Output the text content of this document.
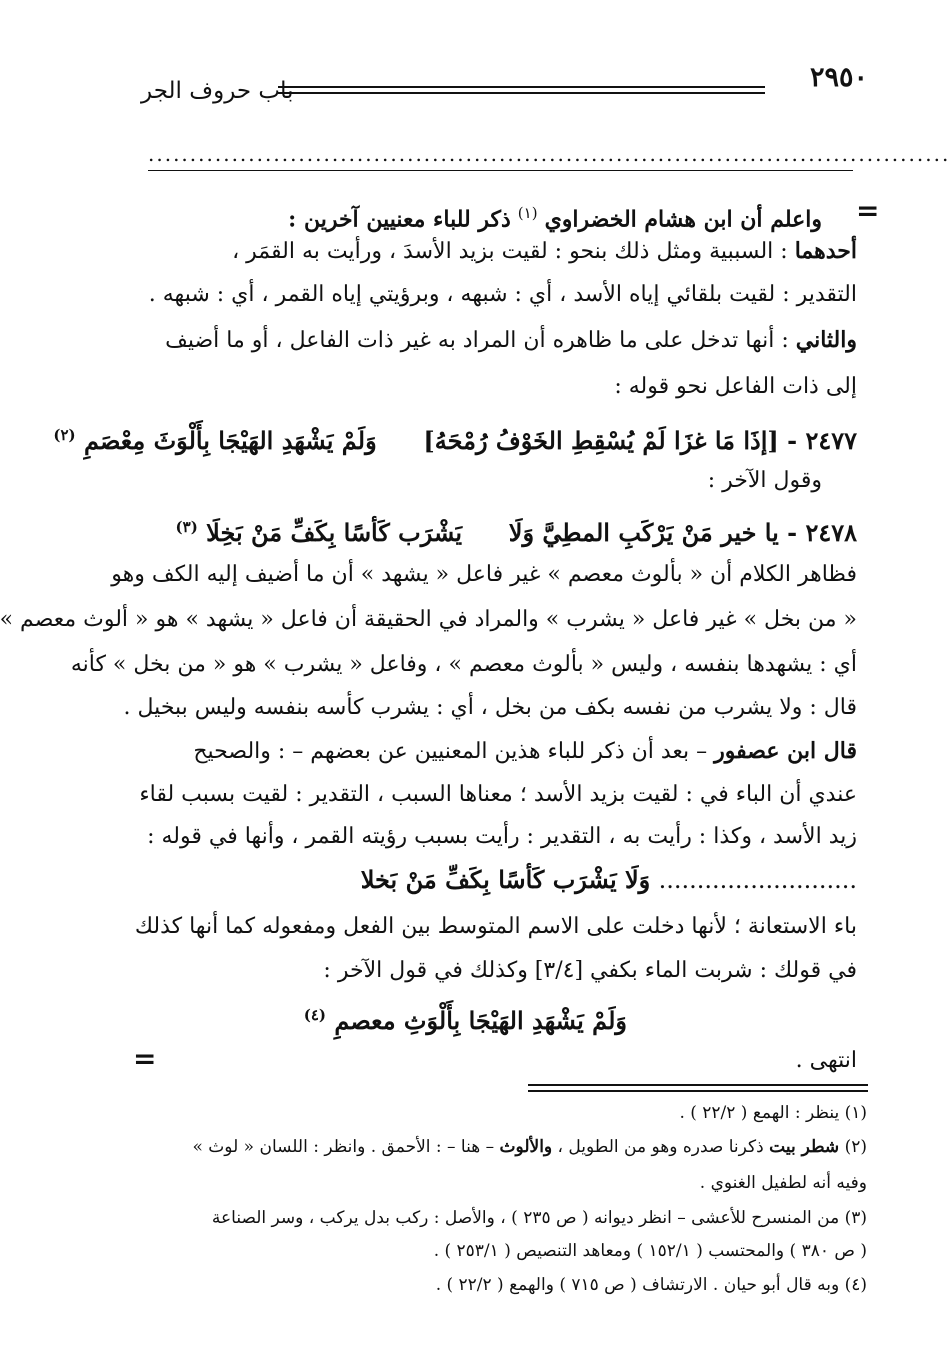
٢٩٥٠
باب حروف الجر
................................................................................................
=
واعلم أن ابن هشام الخضراوي $^{(١)}$ ذكر للباء معنيين آخرين :
أحدهما : السببية ومثل ذلك بنحو : لقيت بزيد الأسدَ ، ورأيت به القمَر ،
التقدير : لقيت بلقائي إياه الأسد ، أي : شبهه ، وبرؤيتي إياه القمر ، أي : شبهه .
والثاني : أنها تدخل على ما ظاهره أن المراد به غير ذات الفاعل ، أو ما أضيف
إلى ذات الفاعل نحو قوله :
٢٤٧٧ - [إذَا مَا غزَا لَمْ يُسْقِطِ الخَوْفُ رُمْحَهُ]  وَلَمْ يَشْهَدِ الهَيْجَا بِأَلْوَثَ مِعْصَمِ $^{(٢)}$
وقول الآخر :
٢٤٧٨ - يا خير مَنْ يَرْكَبِ المطِيَّ وَلَا  يَشْرَب كَأسًا بِكَفِّ مَنْ بَخِلَا $^{(٣)}$
فظاهر الكلام أن « بألوث معصم » غير فاعل « يشهد » أن ما أضيف إليه الكف وهو
« من بخل » غير فاعل « يشرب » والمراد في الحقيقة أن فاعل « يشهد » هو « ألوث معصم »
أي : يشهدها بنفسه ، وليس « بألوث معصم » ، وفاعل « يشرب » هو « من بخل » كأنه
قال : ولا يشرب من نفسه بكف من بخل ، أي : يشرب كأسه بنفسه وليس ببخيل .
قال ابن عصفور – بعد أن ذكر للباء هذين المعنيين عن بعضهم – : والصحيح
عندي أن الباء في : لقيت بزيد الأسد ؛ معناها السبب ، التقدير : لقيت بسبب لقاء
زيد الأسد ، وكذا : رأيت به ، التقدير : رأيت بسبب رؤيته القمر ، وأنها في قوله :
.......................... وَلَا يَشْرَب كَأسًا بِكَفِّ مَنْ بَخلا
باء الاستعانة ؛ لأنها دخلت على الاسم المتوسط بين الفعل ومفعوله كما أنها كذلك
في قولك : شربت الماء بكفي [٣/٤] وكذلك في قول الآخر :
وَلَمْ يَشْهَدِ الهَيْجَا بِأَلْوَثِ معصمِ $^{(٤)}$
انتهى .
=
(١) ينظر : الهمع ( ٢٢/٢ ) .
(٢) شطر بيت ذكرنا صدره وهو من الطويل ، والألوث – هنا – : الأحمق . وانظر : اللسان « لوث »
وفيه أنه لطفيل الغنوي .
(٣) من المنسرح للأعشى – انظر ديوانه ( ص ٢٣٥ ) ، والأصل : ركب بدل يركب ، وسر الصناعة
( ص ٣٨٠ ) والمحتسب ( ١٥٢/١ ) ومعاهد التنصيص ( ٢٥٣/١ ) .
(٤) وبه قال أبو حيان . الارتشاف ( ص ٧١٥ ) والهمع ( ٢٢/٢ ) .
